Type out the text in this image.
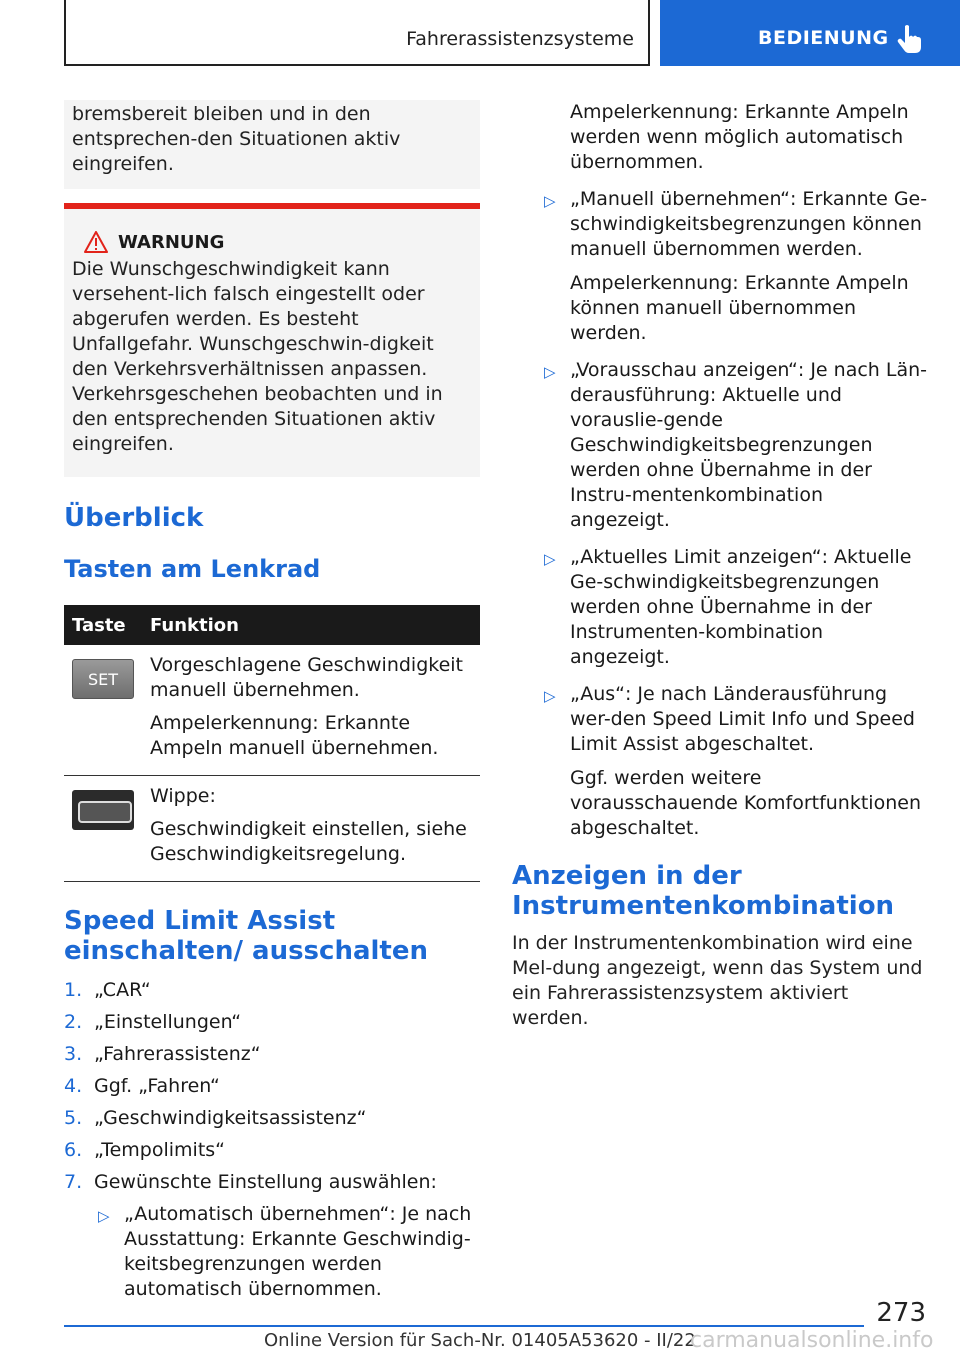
Fahrerassistenzsysteme	BEDIENUNG

bremsbereit bleiben und in den entsprechen-den Situationen aktiv eingreifen.

WARNUNG

Die Wunschgeschwindigkeit kann versehent-lich falsch eingestellt oder abgerufen werden. Es besteht Unfallgefahr. Wunschgeschwin-digkeit den Verkehrsverhältnissen anpassen. Verkehrsgeschehen beobachten und in den entsprechenden Situationen aktiv eingreifen.

Überblick
Tasten am Lenkrad
Taste	Funktion

SET	Vorgeschlagene Geschwindigkeit manuell übernehmen.

Ampelerkennung: Erkannte Ampeln manuell übernehmen.

	Wippe:

Geschwindigkeit einstellen, siehe Geschwindigkeitsregelung.

Speed Limit Assist einschalten/ ausschalten
1. „CAR“
2. „Einstellungen“
3. „Fahrerassistenz“
4. Ggf. „Fahren“
5. „Geschwindigkeitsassistenz“
6. „Tempolimits“
7. Gewünschte Einstellung auswählen:
▷ „Automatisch übernehmen“: Je nach Ausstattung: Erkannte Geschwindig-keitsbegrenzungen werden automatisch übernommen.

Ampelerkennung: Erkannte Ampeln werden wenn möglich automatisch übernommen.

▷ „Manuell übernehmen“: Erkannte Ge-schwindigkeitsbegrenzungen können manuell übernommen werden.

Ampelerkennung: Erkannte Ampeln können manuell übernommen werden.

▷ „Vorausschau anzeigen“: Je nach Län-derausführung: Aktuelle und vorauslie-gende Geschwindigkeitsbegrenzungen werden ohne Übernahme in der Instru-mentenkombination angezeigt.
▷ „Aktuelles Limit anzeigen“: Aktuelle Ge-schwindigkeitsbegrenzungen werden ohne Übernahme in der Instrumenten-kombination angezeigt.
▷ „Aus“: Je nach Länderausführung wer-den Speed Limit Info und Speed Limit Assist abgeschaltet.

Ggf. werden weitere vorausschauende Komfortfunktionen abgeschaltet.

Anzeigen in der Instrumentenkombination

In der Instrumentenkombination wird eine Mel-dung angezeigt, wenn das System und ein Fahrerassistenzsystem aktiviert werden.

273
Online Version für Sach-Nr. 01405A53620 - II/22
carmanualsonline.info
